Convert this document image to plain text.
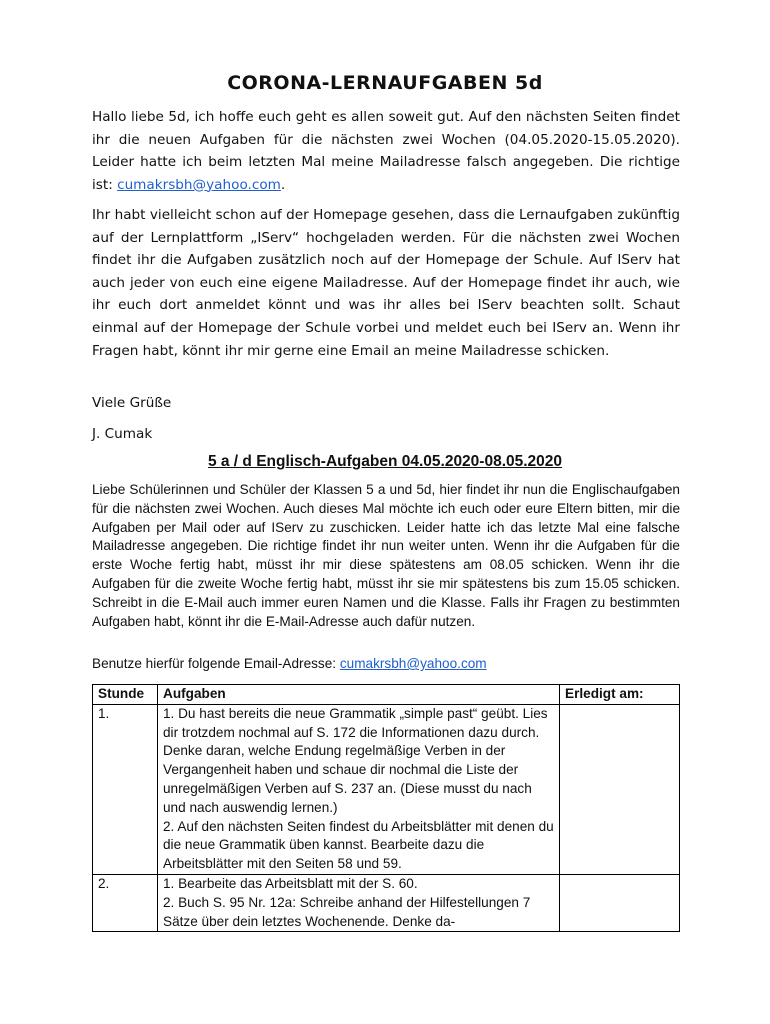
CORONA-LERNAUFGABEN 5d

Hallo liebe 5d, ich hoffe euch geht es allen soweit gut. Auf den nächsten Seiten findet ihr die neuen Aufgaben für die nächsten zwei Wochen (04.05.2020-15.05.2020). Leider hatte ich beim letzten Mal meine Mailadresse falsch angegeben. Die richtige ist: cumakrsbh@yahoo.com.

Ihr habt vielleicht schon auf der Homepage gesehen, dass die Lernaufgaben zukünftig auf der Lernplattform „IServ“ hochgeladen werden. Für die nächsten zwei Wochen findet ihr die Aufgaben zusätzlich noch auf der Homepage der Schule. Auf IServ hat auch jeder von euch eine eigene Mailadresse. Auf der Homepage findet ihr auch, wie ihr euch dort anmeldet könnt und was ihr alles bei IServ beachten sollt. Schaut einmal auf der Homepage der Schule vorbei und meldet euch bei IServ an. Wenn ihr Fragen habt, könnt ihr mir gerne eine Email an meine Mailadresse schicken.

Viele Grüße

J. Cumak

5 a / d Englisch-Aufgaben 04.05.2020-08.05.2020

Liebe Schülerinnen und Schüler der Klassen 5 a und 5d, hier findet ihr nun die Englischaufgaben für die nächsten zwei Wochen. Auch dieses Mal möchte ich euch oder eure Eltern bitten, mir die Aufgaben per Mail oder auf IServ zu zuschicken. Leider hatte ich das letzte Mal eine falsche Mailadresse angegeben. Die richtige findet ihr nun weiter unten. Wenn ihr die Aufgaben für die erste Woche fertig habt, müsst ihr mir diese spätestens am 08.05 schicken. Wenn ihr die Aufgaben für die zweite Woche fertig habt, müsst ihr sie mir spätestens bis zum 15.05 schicken. Schreibt in die E-Mail auch immer euren Namen und die Klasse. Falls ihr Fragen zu bestimmten Aufgaben habt, könnt ihr die E-Mail-Adresse auch dafür nutzen.

Benutze hierfür folgende Email-Adresse: cumakrsbh@yahoo.com

Stunde	Aufgaben	Erledigt am:
1.	1. Du hast bereits die neue Grammatik „simple past“ geübt. Lies dir trotzdem nochmal auf S. 172 die Informationen dazu durch. Denke daran, welche Endung regelmäßige Verben in der Vergangenheit haben und schaue dir nochmal die Liste der unregelmäßigen Verben auf S. 237 an. (Diese musst du nach und nach auswendig lernen.)
2. Auf den nächsten Seiten findest du Arbeitsblätter mit denen du die neue Grammatik üben kannst. Bearbeite dazu die Arbeitsblätter mit den Seiten 58 und 59.	

2.	1. Bearbeite das Arbeitsblatt mit der S. 60.
2. Buch S. 95 Nr. 12a: Schreibe anhand der Hilfestellungen 7 Sätze über dein letztes Wochenende. Denke da-	
